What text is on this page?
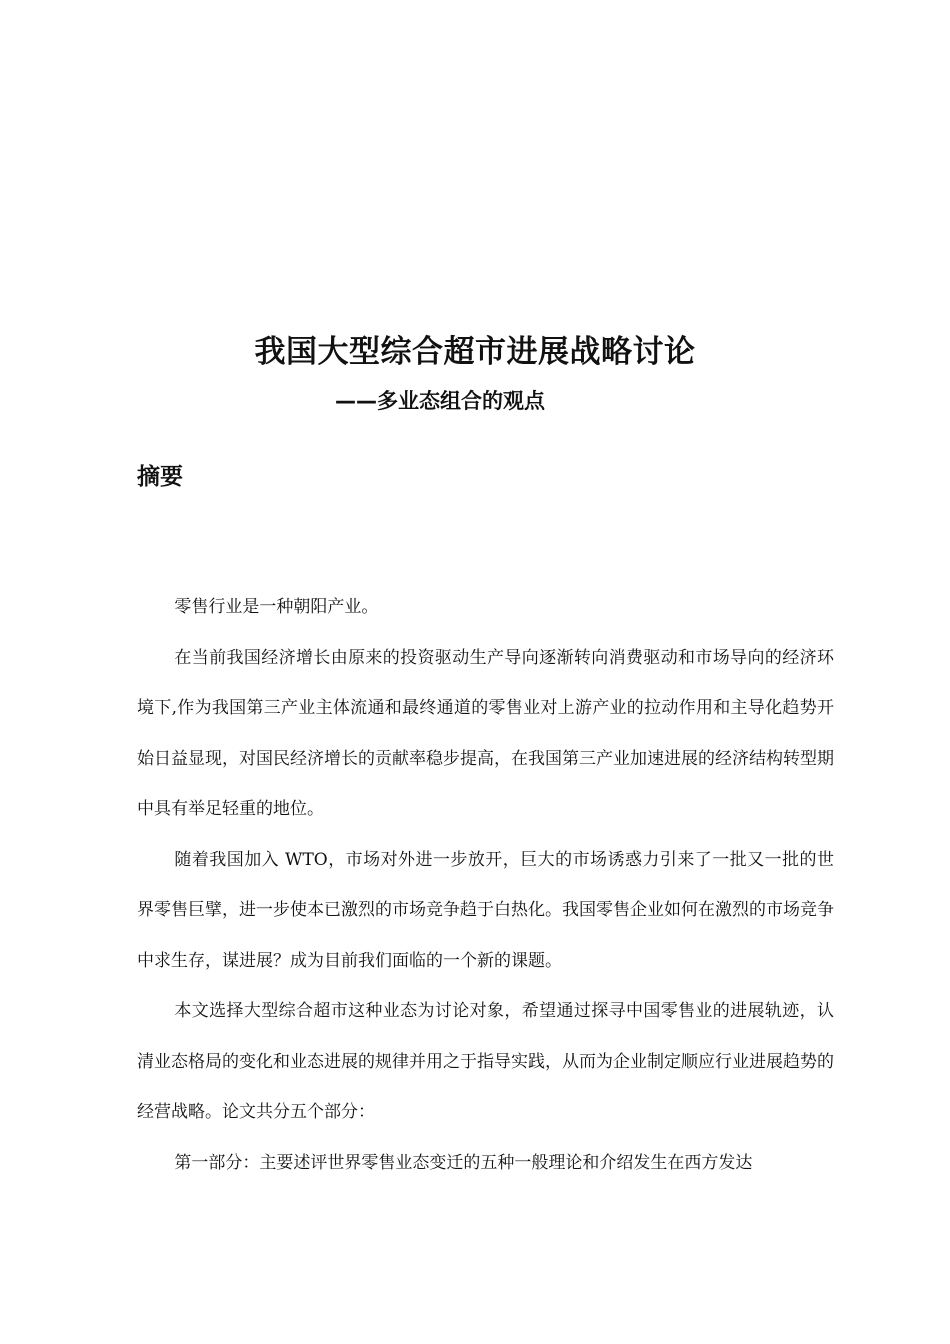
我国大型综合超市进展战略讨论
——多业态组合的观点
摘要

零售行业是一种朝阳产业。

在当前我国经济增长由原来的投资驱动生产导向逐渐转向消费驱动和市场导向的经济环境下,作为我国第三产业主体流通和最终通道的零售业对上游产业的拉动作用和主导化趋势开始日益显现，对国民经济增长的贡献率稳步提高，在我国第三产业加速进展的经济结构转型期中具有举足轻重的地位。

随着我国加入 WTO，市场对外进一步放开，巨大的市场诱惑力引来了一批又一批的世界零售巨擘，进一步使本已激烈的市场竞争趋于白热化。我国零售企业如何在激烈的市场竞争中求生存，谋进展？成为目前我们面临的一个新的课题。

本文选择大型综合超市这种业态为讨论对象，希望通过探寻中国零售业的进展轨迹，认清业态格局的变化和业态进展的规律并用之于指导实践，从而为企业制定顺应行业进展趋势的经营战略。论文共分五个部分：

第一部分：主要述评世界零售业态变迁的五种一般理论和介绍发生在西方发达
